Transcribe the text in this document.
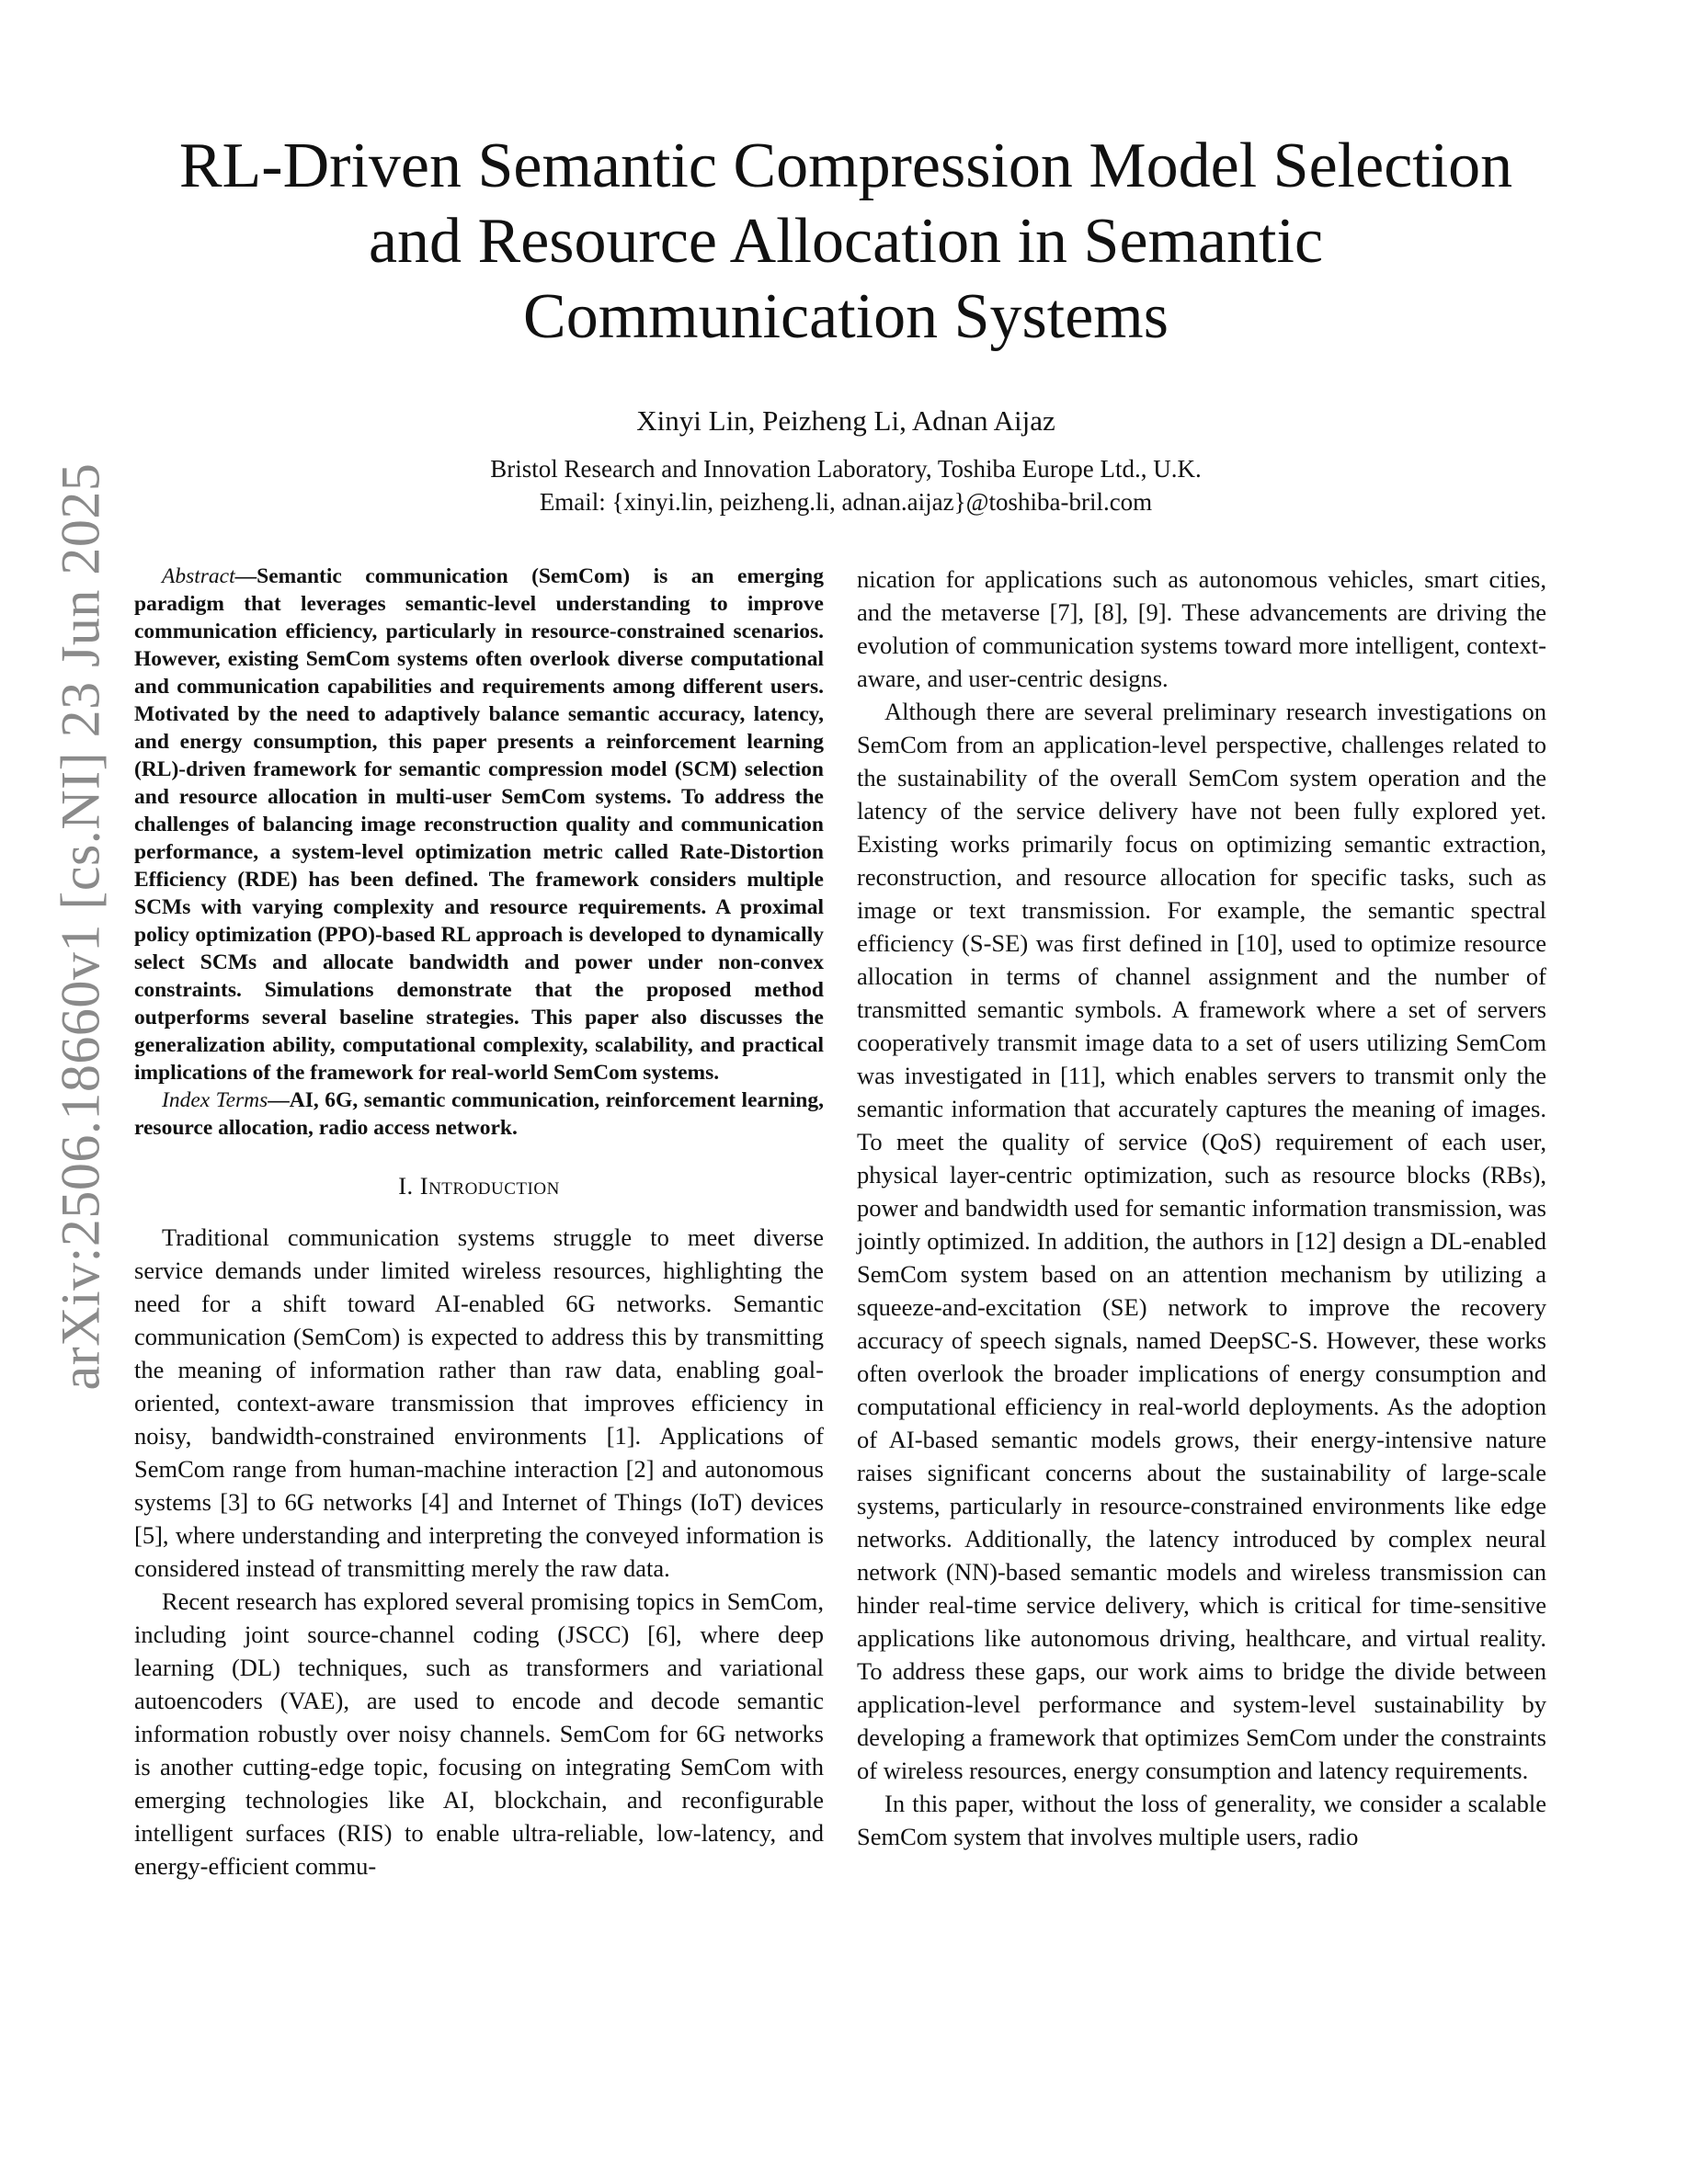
arXiv:2506.18660v1 [cs.NI] 23 Jun 2025
RL-Driven Semantic Compression Model Selection
and Resource Allocation in Semantic
Communication Systems
Xinyi Lin, Peizheng Li, Adnan Aijaz
Bristol Research and Innovation Laboratory, Toshiba Europe Ltd., U.K.
Email: {xinyi.lin, peizheng.li, adnan.aijaz}@toshiba-bril.com

Abstract—Semantic communication (SemCom) is an emerging paradigm that leverages semantic-level understanding to improve communication efficiency, particularly in resource-constrained scenarios. However, existing SemCom systems often overlook diverse computational and communication capabilities and requirements among different users. Motivated by the need to adaptively balance semantic accuracy, latency, and energy consumption, this paper presents a reinforcement learning (RL)-driven framework for semantic compression model (SCM) selection and resource allocation in multi-user SemCom systems. To address the challenges of balancing image reconstruction quality and communication performance, a system-level optimization metric called Rate-Distortion Efficiency (RDE) has been defined. The framework considers multiple SCMs with varying complexity and resource requirements. A proximal policy optimization (PPO)-based RL approach is developed to dynamically select SCMs and allocate bandwidth and power under non-convex constraints. Simulations demonstrate that the proposed method outperforms several baseline strategies. This paper also discusses the generalization ability, computational complexity, scalability, and practical implications of the framework for real-world SemCom systems.

Index Terms—AI, 6G, semantic communication, reinforcement learning, resource allocation, radio access network.

I. Introduction

Traditional communication systems struggle to meet diverse service demands under limited wireless resources, highlighting the need for a shift toward AI-enabled 6G networks. Semantic communication (SemCom) is expected to address this by transmitting the meaning of information rather than raw data, enabling goal-oriented, context-aware transmission that improves efficiency in noisy, bandwidth-constrained environments [1]. Applications of SemCom range from human-machine interaction [2] and autonomous systems [3] to 6G networks [4] and Internet of Things (IoT) devices [5], where understanding and interpreting the conveyed information is considered instead of transmitting merely the raw data.

Recent research has explored several promising topics in SemCom, including joint source-channel coding (JSCC) [6], where deep learning (DL) techniques, such as transformers and variational autoencoders (VAE), are used to encode and decode semantic information robustly over noisy channels. SemCom for 6G networks is another cutting-edge topic, focusing on integrating SemCom with emerging technologies like AI, blockchain, and reconfigurable intelligent surfaces (RIS) to enable ultra-reliable, low-latency, and energy-efficient commu-

nication for applications such as autonomous vehicles, smart cities, and the metaverse [7], [8], [9]. These advancements are driving the evolution of communication systems toward more intelligent, context-aware, and user-centric designs.

Although there are several preliminary research investigations on SemCom from an application-level perspective, challenges related to the sustainability of the overall SemCom system operation and the latency of the service delivery have not been fully explored yet. Existing works primarily focus on optimizing semantic extraction, reconstruction, and resource allocation for specific tasks, such as image or text transmission. For example, the semantic spectral efficiency (S-SE) was first defined in [10], used to optimize resource allocation in terms of channel assignment and the number of transmitted semantic symbols. A framework where a set of servers cooperatively transmit image data to a set of users utilizing SemCom was investigated in [11], which enables servers to transmit only the semantic information that accurately captures the meaning of images. To meet the quality of service (QoS) requirement of each user, physical layer-centric optimization, such as resource blocks (RBs), power and bandwidth used for semantic information transmission, was jointly optimized. In addition, the authors in [12] design a DL-enabled SemCom system based on an attention mechanism by utilizing a squeeze-and-excitation (SE) network to improve the recovery accuracy of speech signals, named DeepSC-S. However, these works often overlook the broader implications of energy consumption and computational efficiency in real-world deployments. As the adoption of AI-based semantic models grows, their energy-intensive nature raises significant concerns about the sustainability of large-scale systems, particularly in resource-constrained environments like edge networks. Additionally, the latency introduced by complex neural network (NN)-based semantic models and wireless transmission can hinder real-time service delivery, which is critical for time-sensitive applications like autonomous driving, healthcare, and virtual reality. To address these gaps, our work aims to bridge the divide between application-level performance and system-level sustainability by developing a framework that optimizes SemCom under the constraints of wireless resources, energy consumption and latency requirements.

In this paper, without the loss of generality, we consider a scalable SemCom system that involves multiple users, radio
